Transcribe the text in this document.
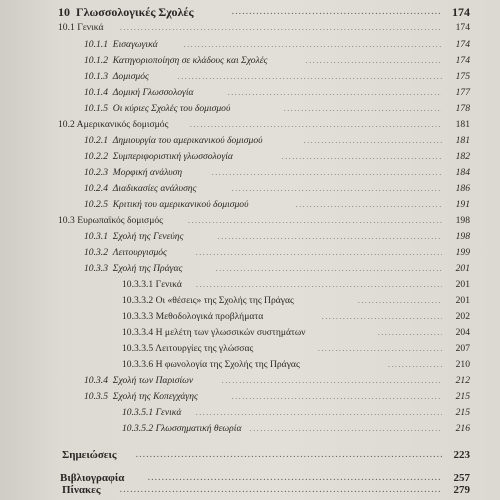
10 Γλωσσολογικές Σχολές . . .	174
10.1 Γενικά . . .	174
10.1.1 Εισαγωγικά . . .	174
10.1.2 Κατηγοριοποίηση σε κλάδους και Σχολές . . .	174
10.1.3 Δομισμός . . .	175
10.1.4 Δομική Γλωσσολογία . . .	177
10.1.5 Οι κύριες Σχολές του δομισμού . . .	178
10.2 Αμερικανικός δομισμός . . .	181
10.2.1 Δημιουργία του αμερικανικού δομισμού . . .	181
10.2.2 Συμπεριφοριστική γλωσσολογία . . .	182
10.2.3 Μορφική ανάλυση . . .	184
10.2.4 Διαδικασίες ανάλυσης . . .	186
10.2.5 Κριτική του αμερικανικού δομισμού . . .	191
10.3 Ευρωπαϊκός δομισμός . . .	198
10.3.1 Σχολή της Γενεύης . . .	198
10.3.2 Λειτουργισμός . . .	199
10.3.3 Σχολή της Πράγας . . .	201
10.3.3.1 Γενικά . . .	201
10.3.3.2 Οι «θέσεις» της Σχολής της Πράγας . . .	201
10.3.3.3 Μεθοδολογικά προβλήματα . . .	202
10.3.3.4 Η μελέτη των γλωσσικών συστημάτων . . .	204
10.3.3.5 Λειτουργίες της γλώσσας . . .	207
10.3.3.6 Η φωνολογία της Σχολής της Πράγας . . .	210
10.3.4 Σχολή των Παρισίων . . .	212
10.3.5 Σχολή της Κοπεγχάγης . . .	215
10.3.5.1 Γενικά . . .	215
10.3.5.2 Γλωσσηματική θεωρία . . .	216
Σημειώσεις . . .	223
Βιβλιογραφία . . .	257
Πίνακες . . .	279
